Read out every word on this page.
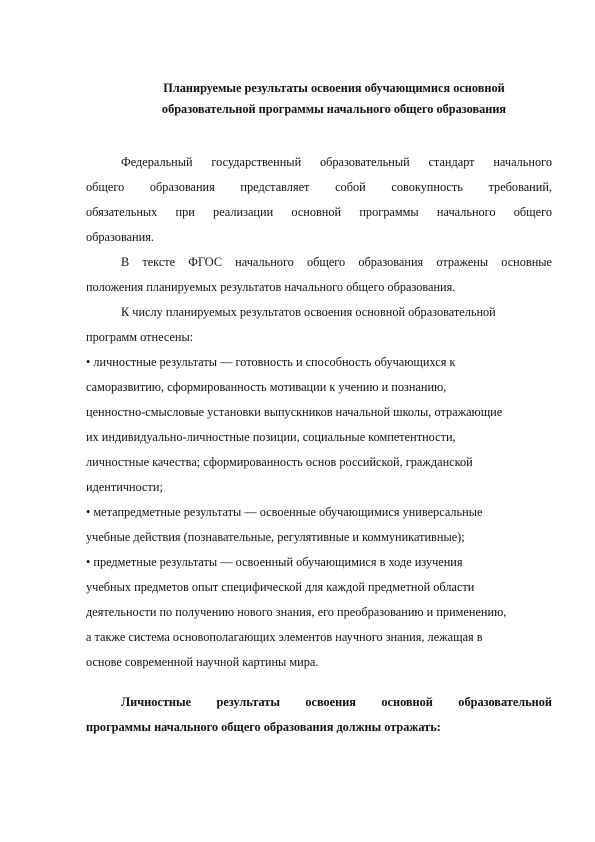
Планируемые результаты освоения обучающимися основной
образовательной программы начального общего образования
Федеральный государственный образовательный стандарт начального
общего образования представляет собой совокупность требований,
обязательных при реализации основной программы начального общего
образования.
В тексте ФГОС начального общего образования отражены основные
положения планируемых результатов начального общего образования.
К числу планируемых результатов освоения основной образовательной
программ отнесены:
• личностные результаты — готовность и способность обучающихся к
саморазвитию, сформированность мотивации к учению и познанию,
ценностно-смысловые установки выпускников начальной школы, отражающие
их индивидуально-личностные позиции, социальные компетентности,
личностные качества; сформированность основ российской, гражданской
идентичности;
• метапредметные результаты — освоенные обучающимися универсальные
учебные действия (познавательные, регулятивные и коммуникативные);
• предметные результаты — освоенный обучающимися в ходе изучения
учебных предметов опыт специфической для каждой предметной области
деятельности по получению нового знания, его преобразованию и применению,
а также система основополагающих элементов научного знания, лежащая в
основе современной научной картины мира.
Личностные результаты освоения основной образовательной
программы начального общего образования должны отражать:
